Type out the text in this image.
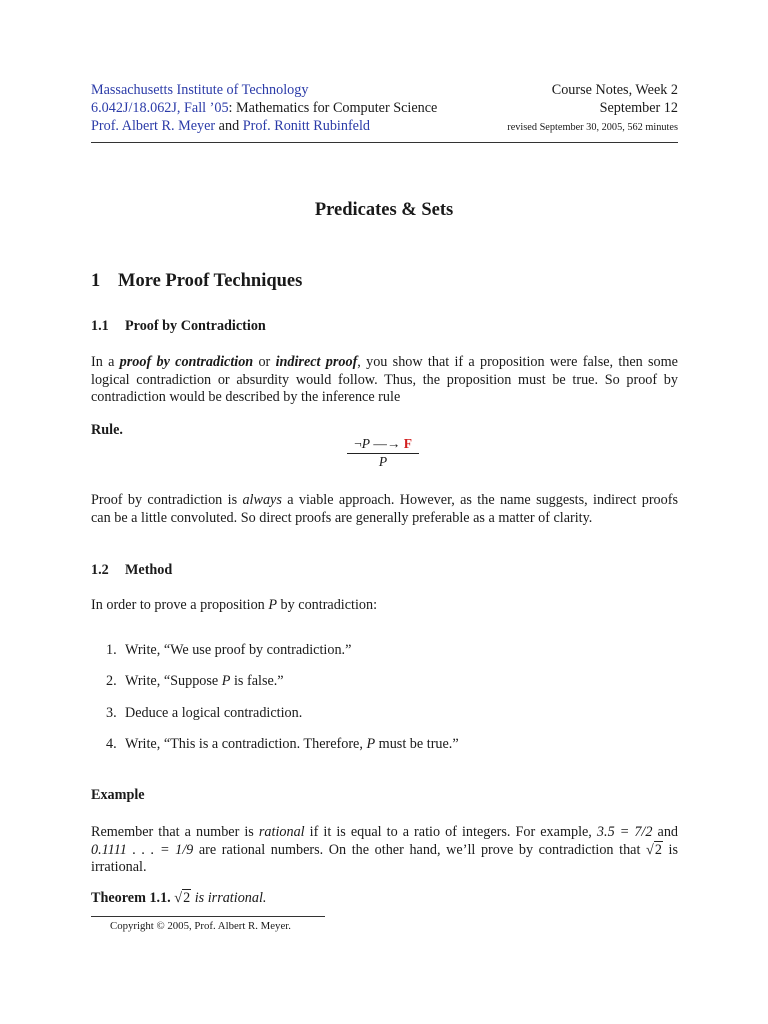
Massachusetts Institute of Technology	Course Notes, Week 2
6.042J/18.062J, Fall ’05: Mathematics for Computer Science	September 12
Prof. Albert R. Meyer and Prof. Ronitt Rubinfeld	revised September 30, 2005, 562 minutes
Predicates & Sets
1 More Proof Techniques
1.1 Proof by Contradiction
In a proof by contradiction or indirect proof, you show that if a proposition were false, then some
logical contradiction or absurdity would follow. Thus, the proposition must be true. So proof by
contradiction would be described by the inference rule
Rule.
¬P —→ F
P
Proof by contradiction is always a viable approach. However, as the name suggests, indirect proofs
can be a little convoluted. So direct proofs are generally preferable as a matter of clarity.
1.2 Method
In order to prove a proposition P by contradiction:
1. Write, “We use proof by contradiction.”
2. Write, “Suppose P is false.”
3. Deduce a logical contradiction.
4. Write, “This is a contradiction. Therefore, P must be true.”
Example
Remember that a number is rational if it is equal to a ratio of integers. For example, 3.5 = 7/2 and
0.1111 . . . = 1/9 are rational numbers. On the other hand, we’ll prove by contradiction that √2 is
irrational.
Theorem 1.1. √2 is irrational.
Copyright © 2005, Prof. Albert R. Meyer.
